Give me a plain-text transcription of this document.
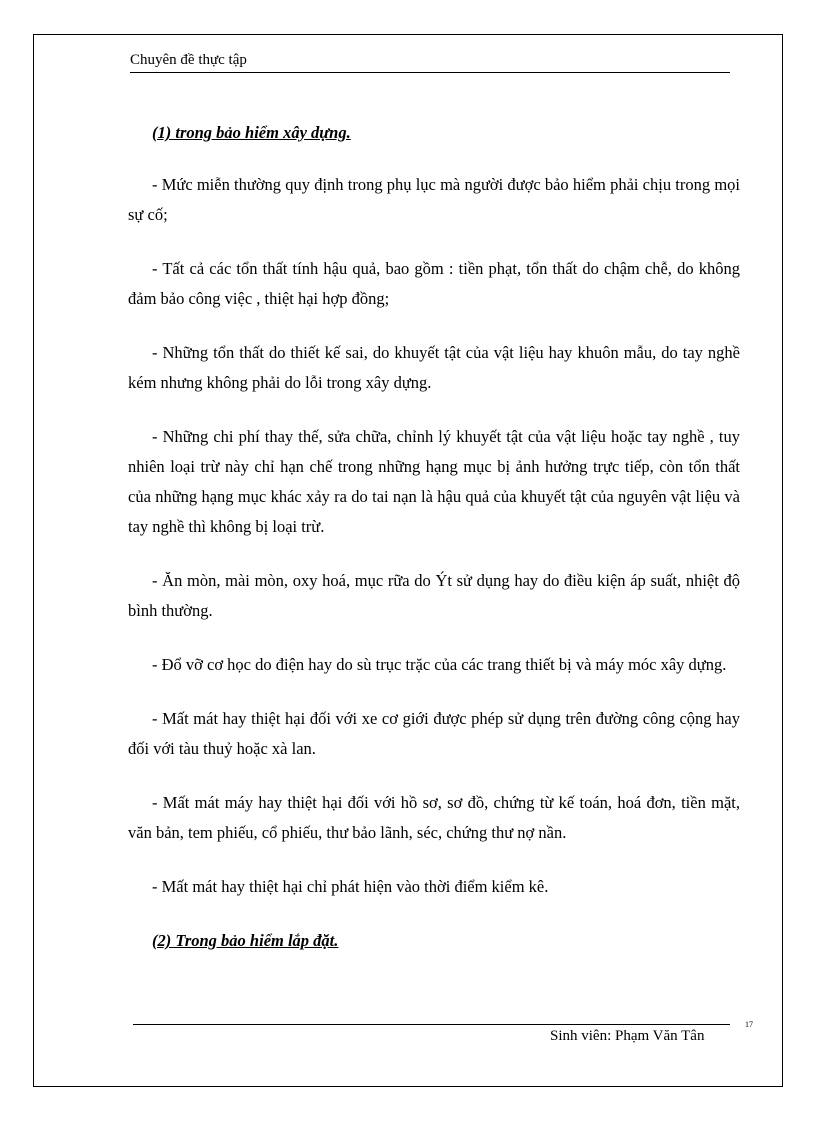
Chuyên đề thực tập

(1) trong bảo hiểm xây dựng.

- Mức miễn thường quy định trong phụ lục mà người được bảo hiểm phải chịu trong mọi sự cố;

- Tất cả các tổn thất tính hậu quả, bao gồm : tiền phạt, tổn thất do chậm chễ, do không đảm bảo công việc , thiệt hại hợp đồng;

- Những tổn thất do thiết kế sai, do khuyết tật của vật liệu hay khuôn mẫu, do tay nghề kém nhưng không phải do lỗi trong xây dựng.

- Những chi phí thay thế, sửa chữa, chỉnh lý khuyết tật của vật liệu hoặc tay nghề , tuy nhiên loại trừ này chỉ hạn chế trong những hạng mục bị ảnh hưởng trực tiếp, còn tổn thất của những hạng mục khác xảy ra do tai nạn là hậu quả của khuyết tật của nguyên vật liệu và tay nghề thì không bị loại trừ.

- Ăn mòn, mài mòn, oxy hoá, mục rữa do Ýt sử dụng hay do điều kiện áp suất, nhiệt độ bình thường.

- Đổ vỡ cơ học do điện hay do sù trục trặc của các trang thiết bị và máy móc xây dựng.

- Mất mát hay thiệt hại đối với xe cơ giới được phép sử dụng trên đường công cộng hay đối với tàu thuỷ hoặc xà lan.

- Mất mát máy hay thiệt hại đối với hồ sơ, sơ đồ, chứng từ kế toán, hoá đơn, tiền mặt, văn bản, tem phiếu, cổ phiếu, thư bảo lãnh, séc, chứng thư nợ nần.

- Mất mát hay thiệt hại chỉ phát hiện vào thời điểm kiểm kê.

(2) Trong bảo hiểm lắp đặt.

17
Sinh viên: Phạm Văn Tân
